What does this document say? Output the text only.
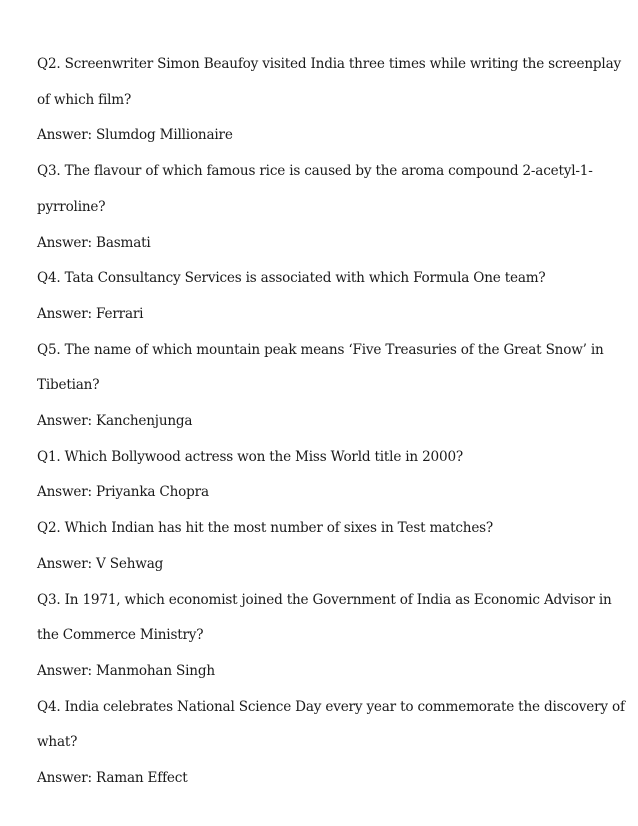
Q2. Screenwriter Simon Beaufoy visited India three times while writing the screenplay
of which film?
Answer: Slumdog Millionaire
Q3. The flavour of which famous rice is caused by the aroma compound 2-acetyl-1-
pyrroline?
Answer: Basmati
Q4. Tata Consultancy Services is associated with which Formula One team?
Answer: Ferrari
Q5. The name of which mountain peak means ‘Five Treasuries of the Great Snow’ in
Tibetian?
Answer: Kanchenjunga
Q1. Which Bollywood actress won the Miss World title in 2000?
Answer: Priyanka Chopra
Q2. Which Indian has hit the most number of sixes in Test matches?
Answer: V Sehwag
Q3. In 1971, which economist joined the Government of India as Economic Advisor in
the Commerce Ministry?
Answer: Manmohan Singh
Q4. India celebrates National Science Day every year to commemorate the discovery of
what?
Answer: Raman Effect
